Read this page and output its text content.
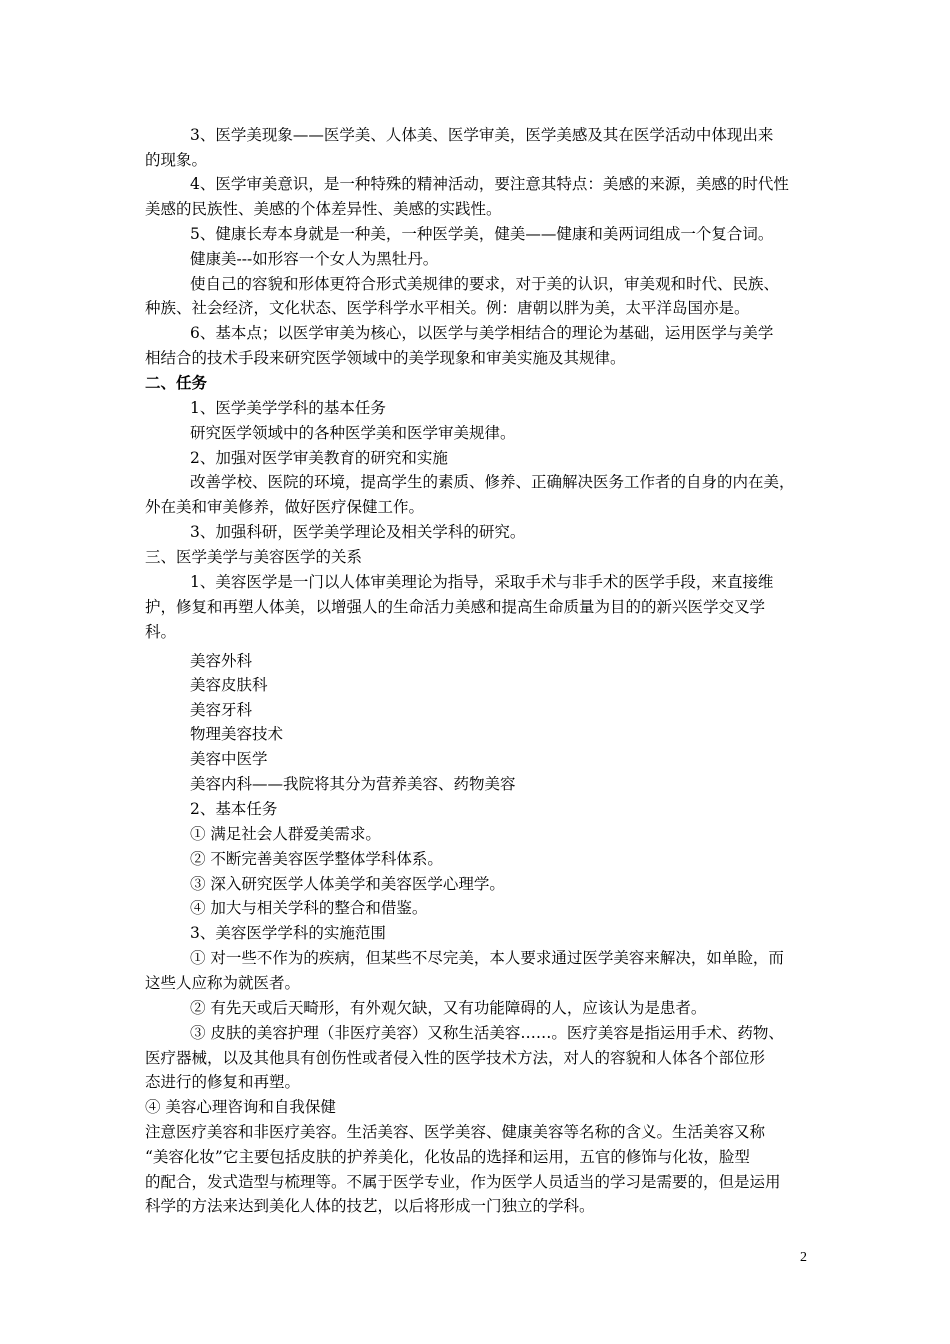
3、医学美现象——医学美、人体美、医学审美，医学美感及其在医学活动中体现出来
的现象。
4、医学审美意识，是一种特殊的精神活动，要注意其特点：美感的来源，美感的时代性
美感的民族性、美感的个体差异性、美感的实践性。
5、健康长寿本身就是一种美，一种医学美，健美——健康和美两词组成一个复合词。
健康美---如形容一个女人为黑牡丹。
使自己的容貌和形体更符合形式美规律的要求，对于美的认识，审美观和时代、民族、
种族、社会经济，文化状态、医学科学水平相关。例：唐朝以胖为美，太平洋岛国亦是。
6、基本点；以医学审美为核心，以医学与美学相结合的理论为基础，运用医学与美学
相结合的技术手段来研究医学领域中的美学现象和审美实施及其规律。
二、任务
1、医学美学学科的基本任务
研究医学领域中的各种医学美和医学审美规律。
2、加强对医学审美教育的研究和实施
改善学校、医院的环境，提高学生的素质、修养、正确解决医务工作者的自身的内在美，
外在美和审美修养，做好医疗保健工作。
3、加强科研，医学美学理论及相关学科的研究。
三、医学美学与美容医学的关系
1、美容医学是一门以人体审美理论为指导，采取手术与非手术的医学手段，来直接维
护，修复和再塑人体美，以增强人的生命活力美感和提高生命质量为目的的新兴医学交叉学
科。
美容外科
美容皮肤科
美容牙科
物理美容技术
美容中医学
美容内科——我院将其分为营养美容、药物美容
2、基本任务
① 满足社会人群爱美需求。
② 不断完善美容医学整体学科体系。
③ 深入研究医学人体美学和美容医学心理学。
④ 加大与相关学科的整合和借鉴。
3、美容医学学科的实施范围
① 对一些不作为的疾病，但某些不尽完美，本人要求通过医学美容来解决，如单睑，而
这些人应称为就医者。
② 有先天或后天畸形，有外观欠缺，又有功能障碍的人，应该认为是患者。
③ 皮肤的美容护理（非医疗美容）又称生活美容……。医疗美容是指运用手术、药物、
医疗器械，以及其他具有创伤性或者侵入性的医学技术方法，对人的容貌和人体各个部位形
态进行的修复和再塑。
④ 美容心理咨询和自我保健
注意医疗美容和非医疗美容。生活美容、医学美容、健康美容等名称的含义。生活美容又称
“美容化妆”它主要包括皮肤的护养美化，化妆品的选择和运用，五官的修饰与化妆，脸型
的配合，发式造型与梳理等。不属于医学专业，作为医学人员适当的学习是需要的，但是运用
科学的方法来达到美化人体的技艺，以后将形成一门独立的学科。
2
